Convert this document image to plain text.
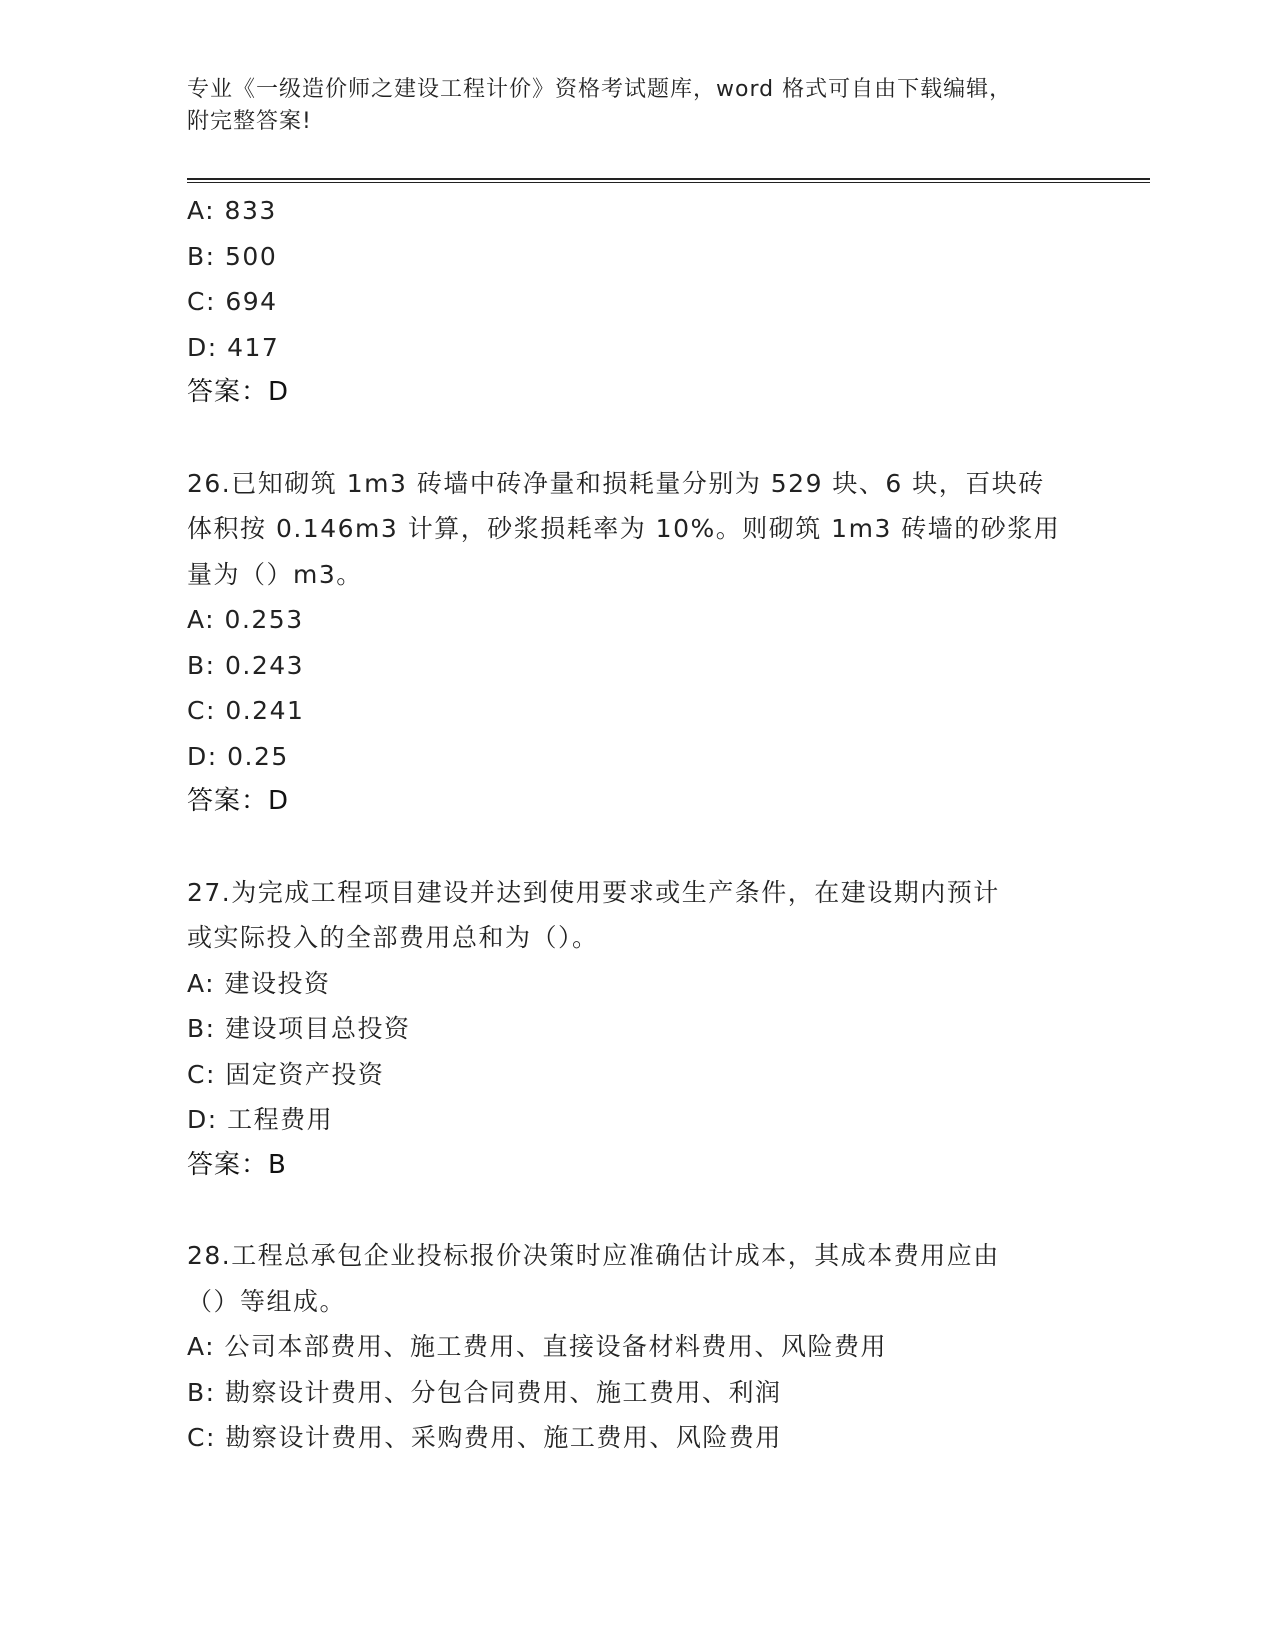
专业《一级造价师之建设工程计价》资格考试题库，word 格式可自由下载编辑，
附完整答案!
A: 833
B: 500
C: 694
D: 417
答案：D
26.已知砌筑 1m3 砖墙中砖净量和损耗量分别为 529 块、6 块，百块砖
体积按 0.146m3 计算，砂浆损耗率为 10%。则砌筑 1m3 砖墙的砂浆用
量为（）m3。
A: 0.253
B: 0.243
C: 0.241
D: 0.25
答案：D
27.为完成工程项目建设并达到使用要求或生产条件，在建设期内预计
或实际投入的全部费用总和为（）。
A: 建设投资
B: 建设项目总投资
C: 固定资产投资
D: 工程费用
答案：B
28.工程总承包企业投标报价决策时应准确估计成本，其成本费用应由
（）等组成。
A: 公司本部费用、施工费用、直接设备材料费用、风险费用
B: 勘察设计费用、分包合同费用、施工费用、利润
C: 勘察设计费用、采购费用、施工费用、风险费用
